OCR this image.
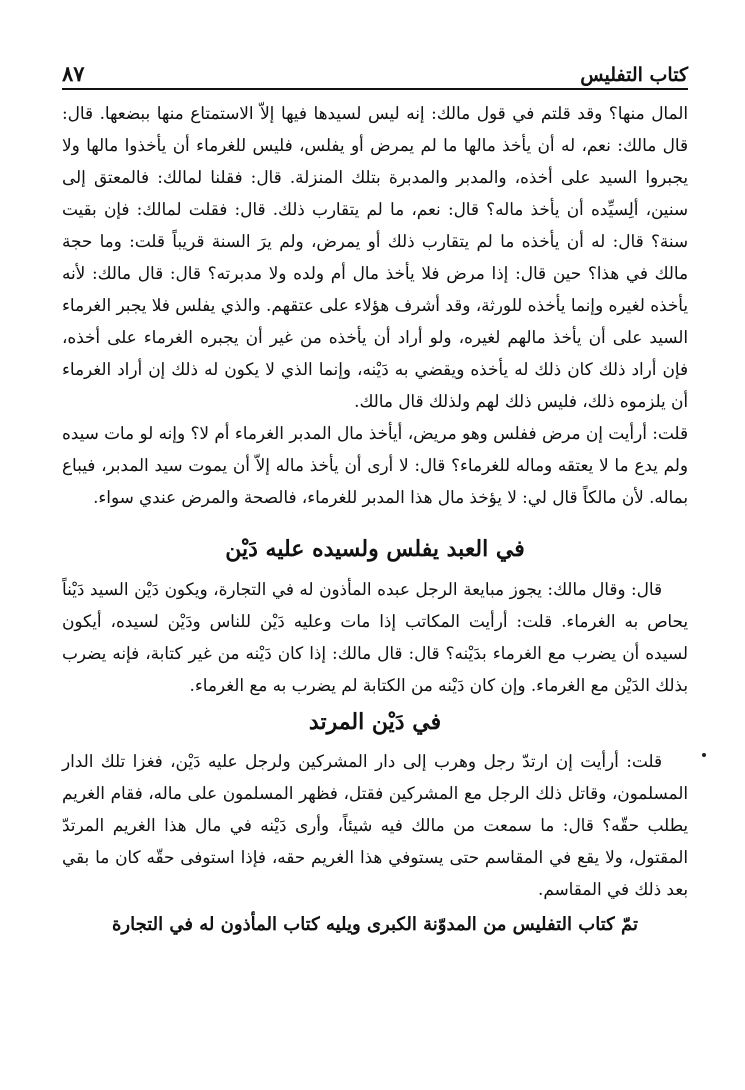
٨٧	كتاب التفليس

المال منها؟ وقد قلتم في قول مالك: إنه ليس لسيدها فيها إلاّ الاستمتاع منها ببضعها. قال: قال مالك: نعم، له أن يأخذ مالها ما لم يمرض أو يفلس، فليس للغرماء أن يأخذوا مالها ولا يجبروا السيد على أخذه، والمدبر والمدبرة بتلك المنزلة. قال: فقلنا لمالك: فالمعتق إلى سنين، ألِسيِّده أن يأخذ ماله؟ قال: نعم، ما لم يتقارب ذلك. قال: فقلت لمالك: فإن بقيت سنة؟ قال: له أن يأخذه ما لم يتقارب ذلك أو يمرض، ولم يرَ السنة قريباً قلت: وما حجة مالك في هذا؟ حين قال: إذا مرض فلا يأخذ مال أم ولده ولا مدبرته؟ قال: قال مالك: لأنه يأخذه لغيره وإنما يأخذه للورثة، وقد أشرف هؤلاء على عتقهم. والذي يفلس فلا يجبر الغرماء السيد على أن يأخذ مالهم لغيره، ولو أراد أن يأخذه من غير أن يجبره الغرماء على أخذه، فإن أراد ذلك كان ذلك له يأخذه ويقضي به دَيْنه، وإنما الذي لا يكون له ذلك إن أراد الغرماء أن يلزموه ذلك، فليس ذلك لهم ولذلك قال مالك.

قلت: أرأيت إن مرض ففلس وهو مريض، أيأخذ مال المدبر الغرماء أم لا؟ وإنه لو مات سيده ولم يدع ما لا يعتقه وماله للغرماء؟ قال: لا أرى أن يأخذ ماله إلاّ أن يموت سيد المدبر، فيباع بماله. لأن مالكاً قال لي: لا يؤخذ مال هذا المدبر للغرماء، فالصحة والمرض عندي سواء.

في العبد يفلس ولسيده عليه دَيْن

قال: وقال مالك: يجوز مبايعة الرجل عبده المأذون له في التجارة، ويكون دَيْن السيد دَيْناً يحاص به الغرماء. قلت: أرأيت المكاتب إذا مات وعليه دَيْن للناس ودَيْن لسيده، أيكون لسيده أن يضرب مع الغرماء بدَيْنه؟ قال: قال مالك: إذا كان دَيْنه من غير كتابة، فإنه يضرب بذلك الدَيْن مع الغرماء. وإن كان دَيْنه من الكتابة لم يضرب به مع الغرماء.

في دَيْن المرتد

قلت: أرأيت إن ارتدّ رجل وهرب إلى دار المشركين ولرجل عليه دَيْن، فغزا تلك الدار المسلمون، وقاتل ذلك الرجل مع المشركين فقتل، فظهر المسلمون على ماله، فقام الغريم يطلب حقّه؟ قال: ما سمعت من مالك فيه شيئاً، وأرى دَيْنه في مال هذا الغريم المرتدّ المقتول، ولا يقع في المقاسم حتى يستوفي هذا الغريم حقه، فإذا استوفى حقّه كان ما بقي بعد ذلك في المقاسم.

تمّ كتاب التفليس من المدوّنة الكبرى ويليه كتاب المأذون له في التجارة
